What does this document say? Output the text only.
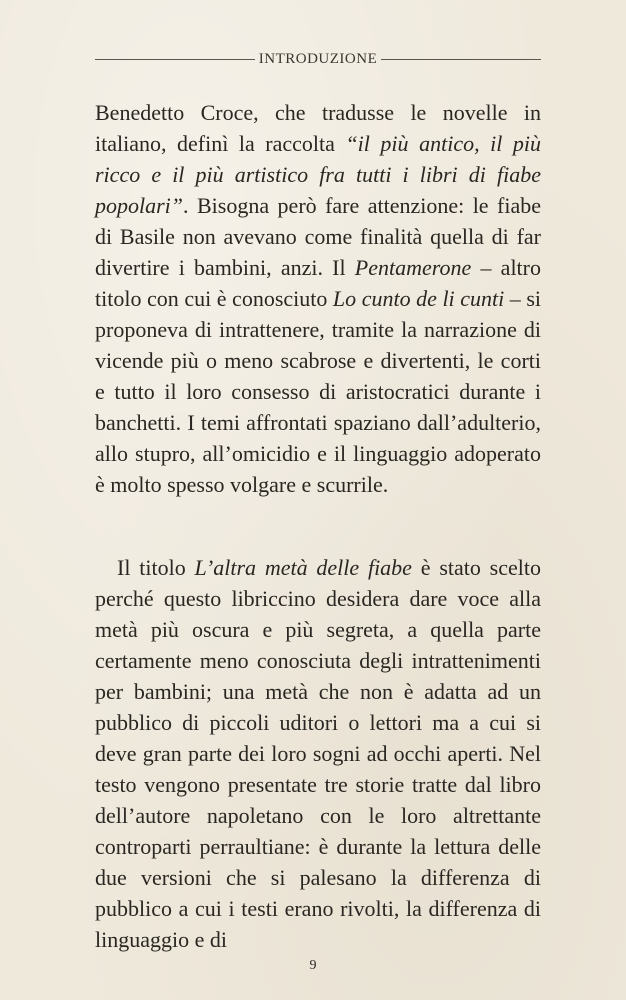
INTRODUZIONE

Benedetto Croce, che tradusse le novelle in italiano, definì la raccolta “il più antico, il più ricco e il più artistico fra tutti i libri di fiabe popolari”. Bisogna però fare attenzione: le fiabe di Basile non avevano come finalità quella di far divertire i bambini, anzi. Il Pentamerone – altro titolo con cui è conosciuto Lo cunto de li cunti – si proponeva di intrattenere, tramite la narrazione di vicende più o meno scabrose e divertenti, le corti e tutto il loro consesso di aristocratici durante i banchetti. I temi affrontati spaziano dall’adulterio, allo stupro, all’omicidio e il linguaggio adoperato è molto spesso volgare e scurrile.

Il titolo L’altra metà delle fiabe è stato scelto perché questo libriccino desidera dare voce alla metà più oscura e più segreta, a quella parte certamente meno conosciuta degli intrattenimenti per bambini; una metà che non è adatta ad un pubblico di piccoli uditori o lettori ma a cui si deve gran parte dei loro sogni ad occhi aperti. Nel testo vengono presentate tre storie tratte dal libro dell’autore napoletano con le loro altrettante controparti perraultiane: è durante la lettura delle due versioni che si palesano la differenza di pubblico a cui i testi erano rivolti, la differenza di linguaggio e di

9
